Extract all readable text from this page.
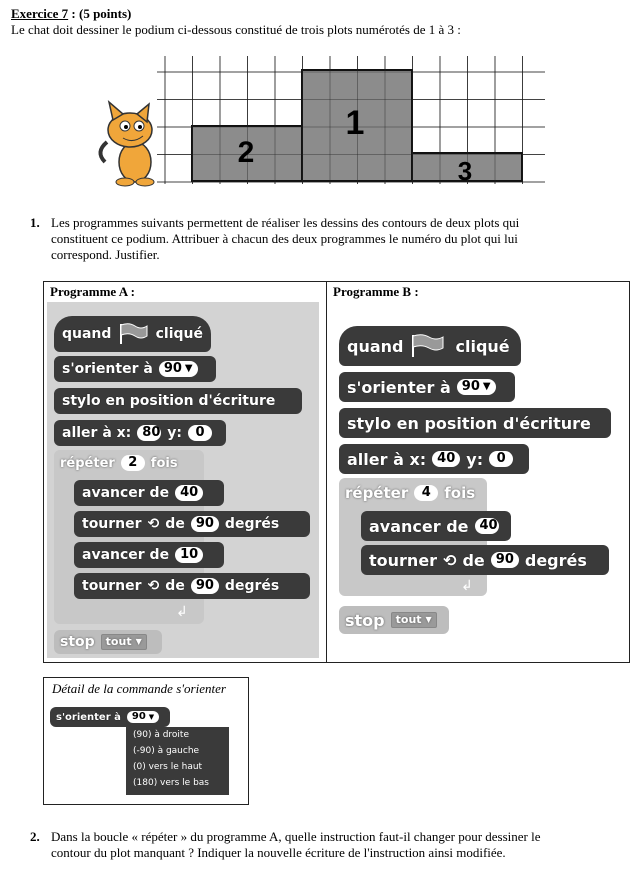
Exercice 7 : (5 points)
Le chat doit dessiner le podium ci-dessous constitué de trois plots numérotés de 1 à 3 :
2
1
3
1. Les programmes suivants permettent de réaliser les dessins des contours de deux plots qui
constituent ce podium. Attribuer à chacun des deux programmes le numéro du plot qui lui
correspond. Justifier.
Programme A :
quand	cliqué
s'orienter à 90 ▼
stylo en position d'écriture
aller à x: 80 y:	0
répéter	2	fois
avancer de 40
tourner ⟲ de 90 degrés
avancer de 10
tourner ⟲ de 90 degrés
↲
stop tout ▼
Programme B :
quand	cliqué
s'orienter à 90 ▼
stylo en position d'écriture
aller à x: 40 y:	0
répéter	4 fois
avancer de 40
tourner ⟲ de 90 degrés
↲
stop tout ▼
Détail de la commande s'orienter
s'orienter à 90 ▼
(90) à droite
(-90) à gauche
(0) vers le haut
(180) vers le bas
2. Dans la boucle « répéter » du programme A, quelle instruction faut-il changer pour dessiner le
contour du plot manquant ? Indiquer la nouvelle écriture de l'instruction ainsi modifiée.
